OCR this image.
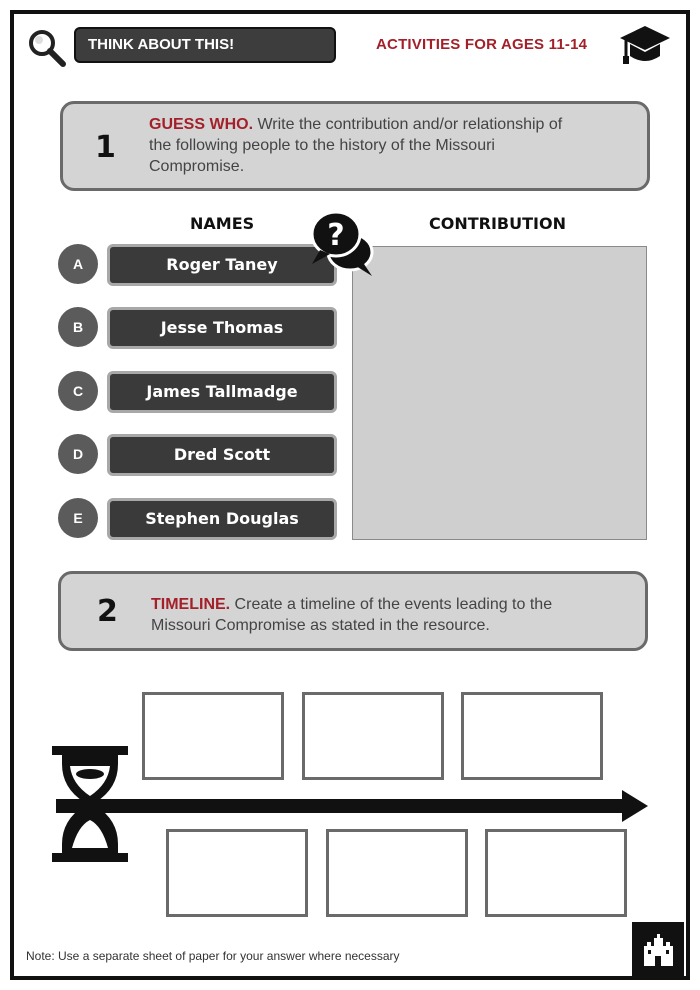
THINK ABOUT THIS!	ACTIVITIES FOR AGES 11-14
1
GUESS WHO. Write the contribution and/or relationship of
the following people to the history of the Missouri
Compromise.
NAMES	CONTRIBUTION
A	Roger Taney
B	Jesse Thomas
C	James Tallmadge
D	Dred Scott
E	Stephen Douglas
?
2 TIMELINE. Create a timeline of the events leading to the
Missouri Compromise as stated in the resource.
Note: Use a separate sheet of paper for your answer where necessary
